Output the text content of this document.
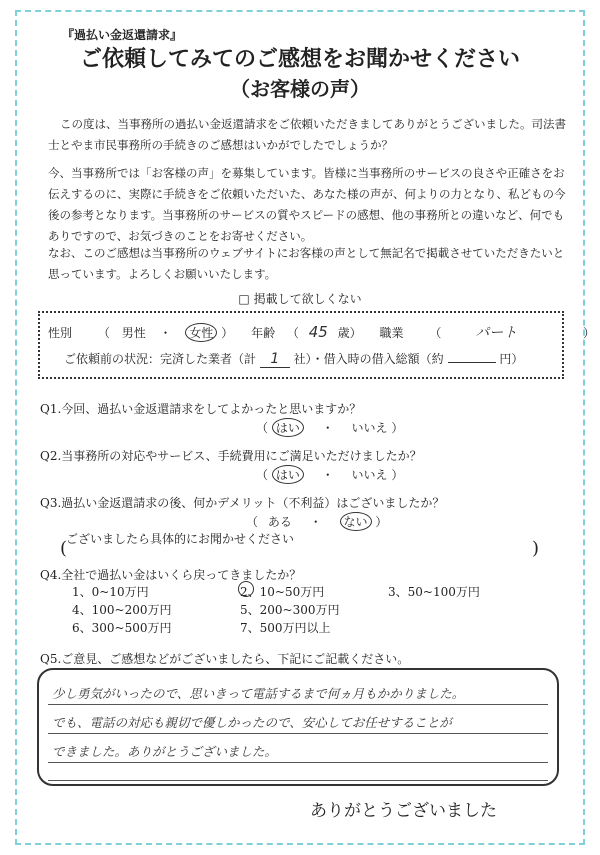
『過払い金返還請求』
ご依頼してみてのご感想をお聞かせください
（お客様の声）
この度は、当事務所の過払い金返還請求をご依頼いただきましてありがとうございました。司法書士とやま市民事務所の手続きのご感想はいかがでしたでしょうか？
今、当事務所では「お客様の声」を募集しています。皆様に当事務所のサービスの良さや正確さをお伝えするのに、実際に手続きをご依頼いただいた、あなた様の声が、何よりの力となり、私どもの今後の参考となります。当事務所のサービスの質やスピードの感想、他の事務所との違いなど、何でもありですので、お気づきのことをお寄せください。
なお、このご感想は当事務所のウェブサイトにお客様の声として無記名で掲載させていただきたいと思っています。よろしくお願いいたします。
□ 掲載して欲しくない
性別 （ 男性 ・ 女性 ） 年齢 （ 45 歳） 職業 （ パート	）
ご依頼前の状況：完済した業者（計 1 社）・借入時の借入総額（約	円）
Q1.今回、過払い金返還請求をしてよかったと思いますか？
（ はい ・ いいえ ）
Q2.当事務所の対応やサービス、手続費用にご満足いただけましたか？
（ はい ・ いいえ ）
Q3.過払い金返還請求の後、何かデメリット（不利益）はございましたか？
（ ある ・ ない ）
ございましたら具体的にお聞かせください
(	)
Q4.全社で過払い金はいくら戻ってきましたか？
1、0~10万円	2、10~50万円	3、50~100万円
4、100~200万円	5、200~300万円
6、300~500万円	7、500万円以上
Q5.ご意見、ご感想などがございましたら、下記にご記載ください。
少し勇気がいったので、思いきって電話するまで何ヵ月もかかりました。
でも、電話の対応も親切で優しかったので、安心してお任せすることが
できました。ありがとうございました。
ありがとうございました
